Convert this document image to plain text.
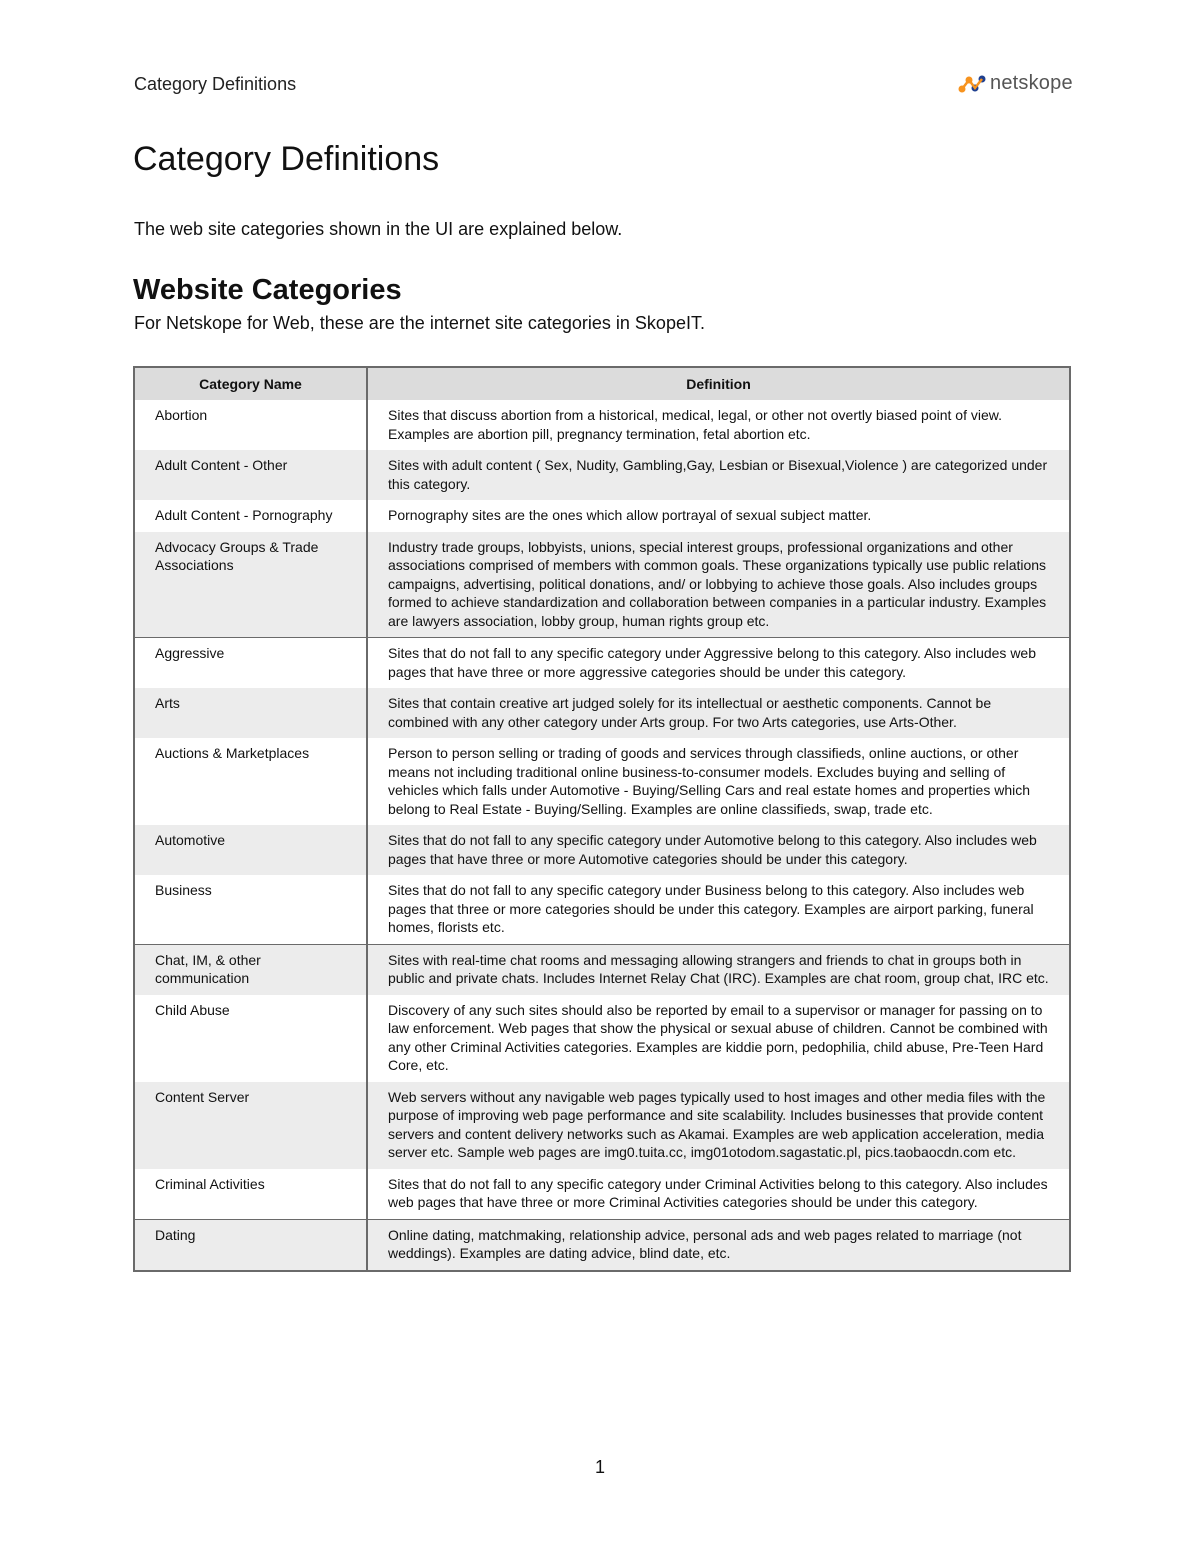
Category Definitions	netskope
Category Definitions

The web site categories shown in the UI are explained below.

Website Categories

For Netskope for Web, these are the internet site categories in SkopeIT.

Category Name	Definition
Abortion	Sites that discuss abortion from a historical, medical, legal, or other not overtly biased point of view. Examples are abortion pill, pregnancy termination, fetal abortion etc.
Adult Content - Other	Sites with adult content ( Sex, Nudity, Gambling,Gay, Lesbian or Bisexual,Violence ) are categorized under this category.
Adult Content - Pornography	Pornography sites are the ones which allow portrayal of sexual subject matter.
Advocacy Groups & Trade Associations	Industry trade groups, lobbyists, unions, special interest groups, professional organizations and other associations comprised of members with common goals. These organizations typically use public relations campaigns, advertising, political donations, and/ or lobbying to achieve those goals. Also includes groups formed to achieve standardization and collaboration between companies in a particular industry. Examples are lawyers association, lobby group, human rights group etc.
Aggressive	Sites that do not fall to any specific category under Aggressive belong to this category. Also includes web pages that have three or more aggressive categories should be under this category.
Arts	Sites that contain creative art judged solely for its intellectual or aesthetic components. Cannot be combined with any other category under Arts group. For two Arts categories, use Arts-Other.
Auctions & Marketplaces	Person to person selling or trading of goods and services through classifieds, online auctions, or other means not including traditional online business-to-consumer models. Excludes buying and selling of vehicles which falls under Automotive - Buying/Selling Cars and real estate homes and properties which belong to Real Estate - Buying/Selling. Examples are online classifieds, swap, trade etc.
Automotive	Sites that do not fall to any specific category under Automotive belong to this category. Also includes web pages that have three or more Automotive categories should be under this category.
Business	Sites that do not fall to any specific category under Business belong to this category. Also includes web pages that three or more categories should be under this category. Examples are airport parking, funeral homes, florists etc.
Chat, IM, & other communication	Sites with real-time chat rooms and messaging allowing strangers and friends to chat in groups both in public and private chats. Includes Internet Relay Chat (IRC). Examples are chat room, group chat, IRC etc.
Child Abuse	Discovery of any such sites should also be reported by email to a supervisor or manager for passing on to law enforcement. Web pages that show the physical or sexual abuse of children. Cannot be combined with any other Criminal Activities categories. Examples are kiddie porn, pedophilia, child abuse, Pre-Teen Hard Core, etc.
Content Server	Web servers without any navigable web pages typically used to host images and other media files with the purpose of improving web page performance and site scalability. Includes businesses that provide content servers and content delivery networks such as Akamai. Examples are web application acceleration, media server etc. Sample web pages are img0.tuita.cc, img01otodom.sagastatic.pl, pics.taobaocdn.com etc.
Criminal Activities	Sites that do not fall to any specific category under Criminal Activities belong to this category. Also includes web pages that have three or more Criminal Activities categories should be under this category.
Dating	Online dating, matchmaking, relationship advice, personal ads and web pages related to marriage (not weddings). Examples are dating advice, blind date, etc.
1
